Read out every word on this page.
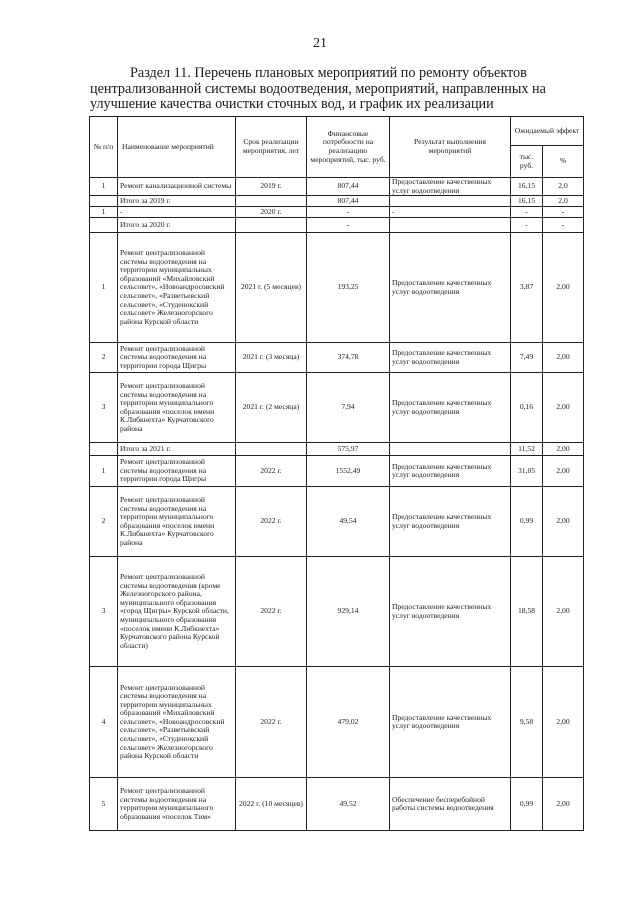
21
Раздел 11. Перечень плановых мероприятий по ремонту объектов
централизованной системы водоотведения, мероприятий, направленных на
улучшение качества очистки сточных вод, и график их реализации
№ п/п	Наименование мероприятий	Срок реализации мероприятия, лет	Финансовые потребности на реализацию мероприятий, тыс. руб.	Результат выполнения мероприятий	Ожидаемый эффект	
					тыс. руб.	%
1	Ремонт канализационной системы	2019 г.	807,44	Предоставление качественных услуг водоотведения	16,15	2,0
	Итого за 2019 г.		807,44		16,15	2,0
1	-	2020 г.	-	-	-	-
	Итого за 2020 г.		-		-	-
1	Ремонт централизованной системы водоотведения на территории муниципальных образований «Михайловский сельсовет», «Новоандросовский сельсовет», «Разветьевский сельсовет», «Студенокский сельсовет» Железногорского района Курской области	2021 г. (5 месяцев)	193,25	Предоставление качественных услуг водоотведения	3,87	2,00
2	Ремонт централизованной системы водоотведения на территории города Щигры	2021 г. (3 месяца)	374,78	Предоставление качественных услуг водоотведения	7,49	2,00
3	Ремонт централизованной системы водоотведения на территории муниципального образования «поселок имени К.Либкнехта» Курчатовского района	2021 г. (2 месяца)	7,94	Предоставление качественных услуг водоотведения	0,16	2,00
	Итого за 2021 г.		575,97		11,52	2,00
1	Ремонт централизованной системы водоотведения на территории города Щигры	2022 г.	1552,49	Предоставление качественных услуг водоотведения	31,05	2,00
2	Ремонт централизованной системы водоотведения на территории муниципального образования «поселок имени К.Либкнехта» Курчатовского района	2022 г.	49,54	Предоставление качественных услуг водоотведения	0,99	2,00
3	Ремонт централизованной системы водоотведения (кроме Железногорского района, муниципального образования «город Щигры» Курской области, муниципального образования «поселок имени К.Либкнехта» Курчатовского района Курской области)	2022 г.	929,14	Предоставление качественных услуг водоотведения	18,58	2,00
4	Ремонт централизованной системы водоотведения на территории муниципальных образований «Михайловский сельсовет», «Новоандросовский сельсовет», «Разветьевский сельсовет», «Студенокский сельсовет» Железногорского района Курской области	2022 г.	479,02	Предоставление качественных услуг водоотведения	9,58	2,00
5	Ремонт централизованной системы водоотведения на территории муниципального образования «поселок Тим»	2022 г. (10 месяцев)	49,52	Обеспечение бесперебойной работы системы водоотведения	0,99	2,00
